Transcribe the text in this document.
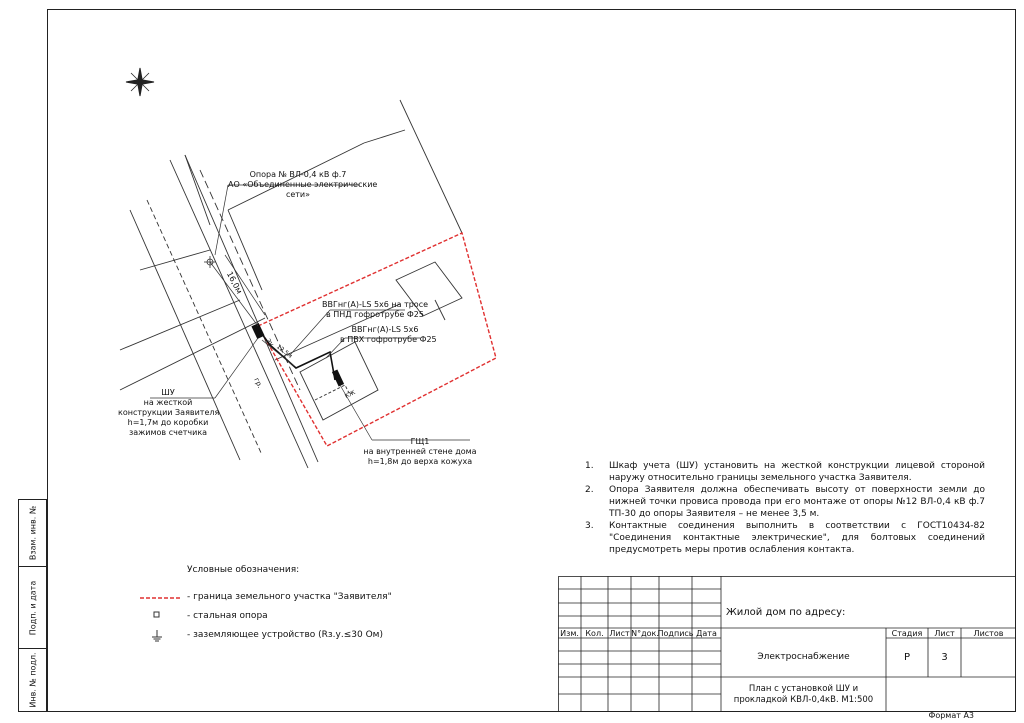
Опора № ВЛ-0,4 кВ ф.7
АО «Объединенные электрические
сети»
16,0м
12,5м
ВВГнг(А)-LS 5х6 на тросе
в ПНД гофротрубе Ф25
ВВГнг(А)-LS 5х6
в ПВХ гофротрубе Ф25
ШУ
на жесткой
конструкции Заявителя
h=1,7м до коробки
зажимов счетчика
ГЩ1
на внутренней стене дома
h=1,8м до верха кожуха
гр.
КЖ
ЗУ
1. Шкаф учета (ШУ) установить на жесткой конструкции лицевой стороной наружу относительно границы земельного участка Заявителя.
2. Опора Заявителя должна обеспечивать высоту от поверхности земли до нижней точки провиса провода при его монтаже от опоры №12 ВЛ-0,4 кВ ф.7 ТП-30 до опоры Заявителя – не менее 3,5 м.
3. Контактные соединения выполнить в соответствии с ГОСТ10434-82 "Соединения контактные электрические", для болтовых соединений предусмотреть меры против ослабления контакта.
Условные обозначения:
- граница земельного участка "Заявителя"
- стальная опора
- заземляющее устройство (Rз.у.≤30 Ом)
Взам. инв. №
Подп. и дата
Инв. № подл.
Изм. Кол. Лист N°док.
Подпись Дата
Жилой дом по адресу:
Электроснабжение
Стадия	Лист	Листов
Р	3
План с установкой ШУ и
прокладкой КВЛ-0,4кВ. М1:500
Формат А3
